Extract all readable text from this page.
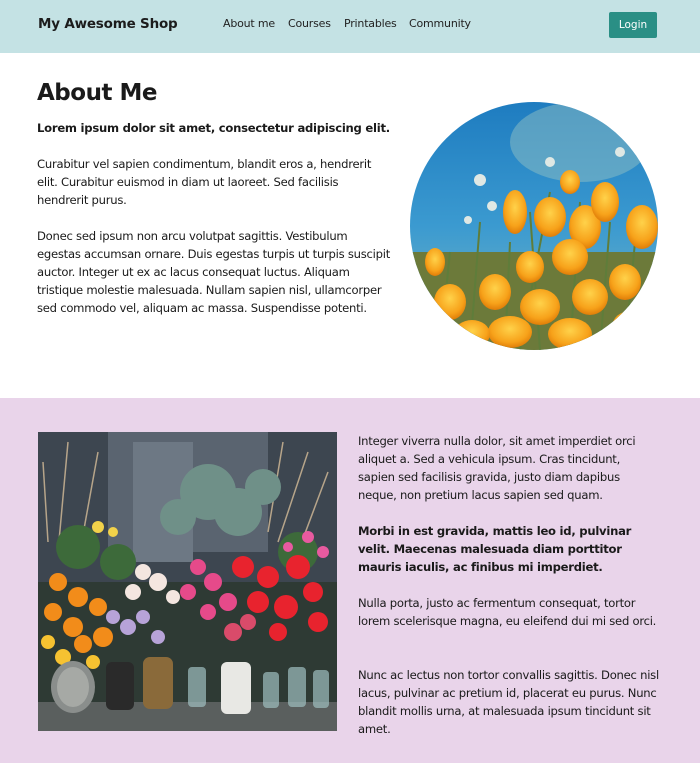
My Awesome Shop	About me Courses Printables Community	Login
About Me

Lorem ipsum dolor sit amet, consectetur adipiscing elit.

Curabitur vel sapien condimentum, blandit eros a, hendrerit elit. Curabitur euismod in diam ut laoreet. Sed facilisis hendrerit purus.

Donec sed ipsum non arcu volutpat sagittis. Vestibulum egestas accumsan ornare. Duis egestas turpis ut turpis suscipit auctor. Integer ut ex ac lacus consequat luctus. Aliquam tristique molestie malesuada. Nullam sapien nisl, ullamcorper sed commodo vel, aliquam ac massa. Suspendisse potenti.

Integer viverra nulla dolor, sit amet imperdiet orci aliquet a. Sed a vehicula ipsum. Cras tincidunt, sapien sed facilisis gravida, justo diam dapibus neque, non pretium lacus sapien sed quam.

Morbi in est gravida, mattis leo id, pulvinar velit. Maecenas malesuada diam porttitor mauris iaculis, ac finibus mi imperdiet.

Nulla porta, justo ac fermentum consequat, tortor lorem scelerisque magna, eu eleifend dui mi sed orci.

Nunc ac lectus non tortor convallis sagittis. Donec nisl lacus, pulvinar ac pretium id, placerat eu purus. Nunc blandit mollis urna, at malesuada ipsum tincidunt sit amet.
